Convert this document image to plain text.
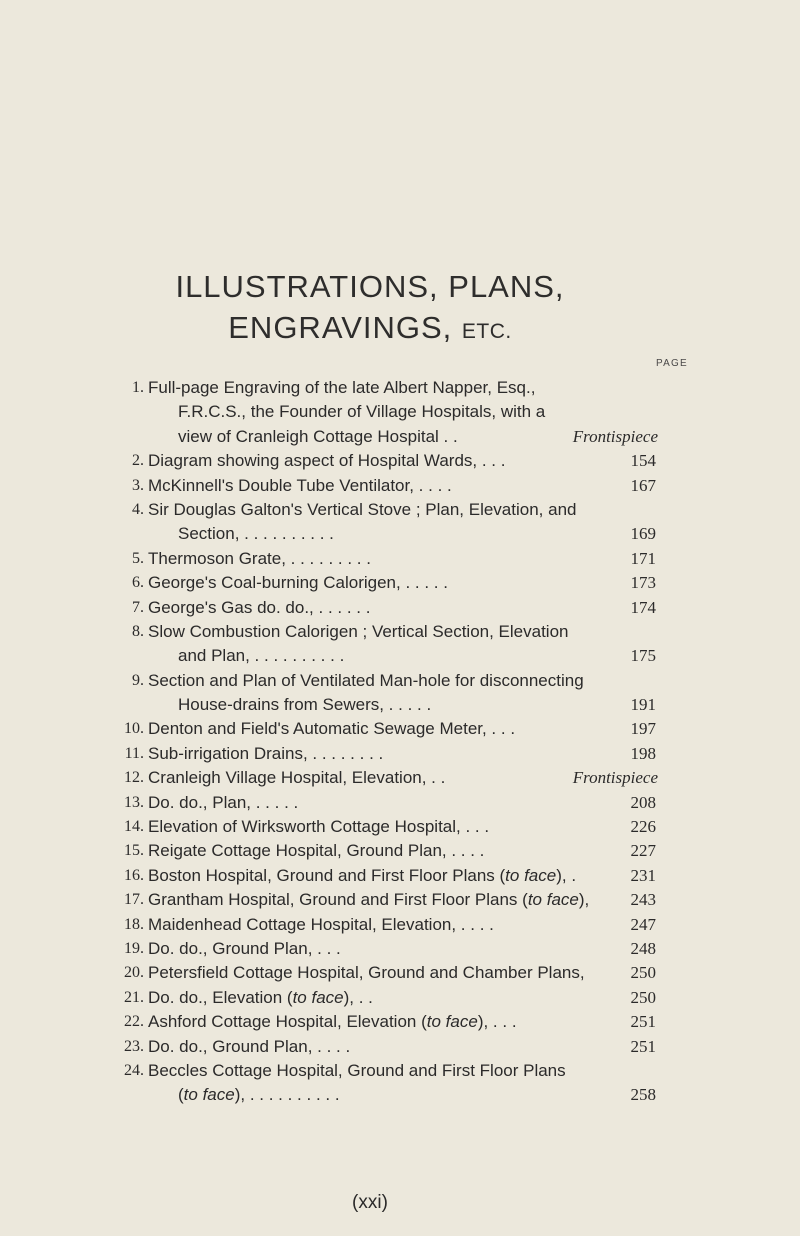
ILLUSTRATIONS, PLANS,
ENGRAVINGS, ETC.
PAGE
1. Full-page Engraving of the late Albert Napper, Esq.,
F.R.C.S., the Founder of Village Hospitals, with a
view of Cranleigh Cottage Hospital . .	Frontispiece
2. Diagram showing aspect of Hospital Wards, . . .	154
3. McKinnell's Double Tube Ventilator, . . . .	167
4. Sir Douglas Galton's Vertical Stove ; Plan, Elevation, and
Section, . . . . . . . . . .	169
5. Thermoson Grate, . . . . . . . . .	171
6. George's Coal-burning Calorigen, . . . . .	173
7. George's Gas do. do., . . . . . .	174
8. Slow Combustion Calorigen ; Vertical Section, Elevation
and Plan, . . . . . . . . . .	175
9. Section and Plan of Ventilated Man-hole for disconnecting
House-drains from Sewers, . . . . .	191
10. Denton and Field's Automatic Sewage Meter, . . .	197
11. Sub-irrigation Drains, . . . . . . . .	198
12. Cranleigh Village Hospital, Elevation, . .	Frontispiece
13. Do. do., Plan, . . . . .	208
14. Elevation of Wirksworth Cottage Hospital, . . .	226
15. Reigate Cottage Hospital, Ground Plan, . . . .	227
16. Boston Hospital, Ground and First Floor Plans (to face), .	231
17. Grantham Hospital, Ground and First Floor Plans (to face),	243
18. Maidenhead Cottage Hospital, Elevation, . . . .	247
19. Do. do., Ground Plan, . . .	248
20. Petersfield Cottage Hospital, Ground and Chamber Plans,	250
21. Do. do., Elevation (to face), . .	250
22. Ashford Cottage Hospital, Elevation (to face), . . .	251
23. Do. do., Ground Plan, . . . .	251
24. Beccles Cottage Hospital, Ground and First Floor Plans
(to face), . . . . . . . . . .	258
(xxi)
